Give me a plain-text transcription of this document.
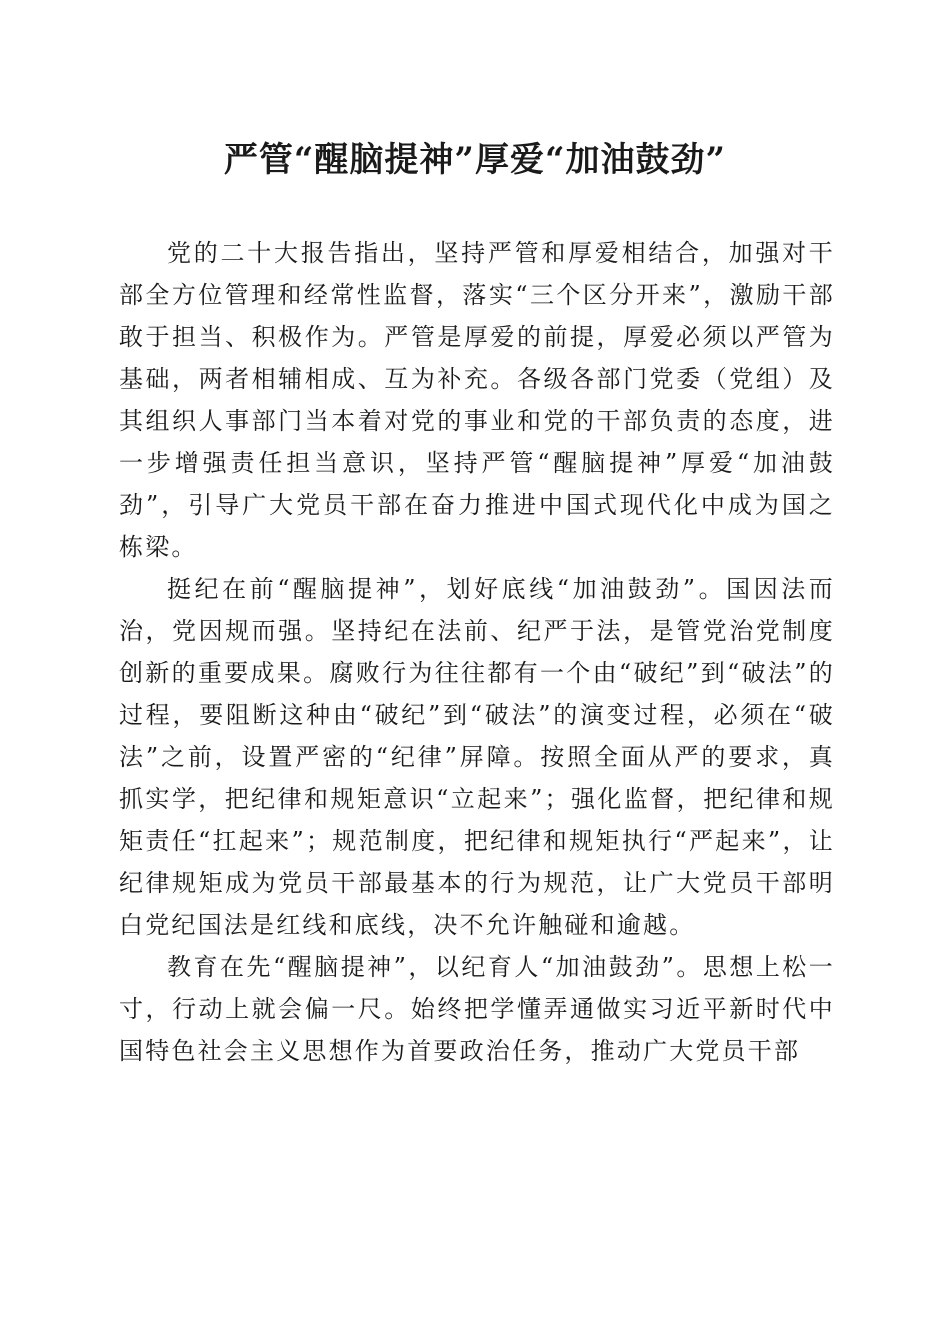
严管“醒脑提神”厚爱“加油鼓劲”

党的二十大报告指出，坚持严管和厚爱相结合，加强对干部全方位管理和经常性监督，落实“三个区分开来”，激励干部敢于担当、积极作为。严管是厚爱的前提，厚爱必须以严管为基础，两者相辅相成、互为补充。各级各部门党委（党组）及其组织人事部门当本着对党的事业和党的干部负责的态度，进一步增强责任担当意识，坚持严管“醒脑提神”厚爱“加油鼓劲”，引导广大党员干部在奋力推进中国式现代化中成为国之栋梁。

挺纪在前“醒脑提神”，划好底线“加油鼓劲”。国因法而治，党因规而强。坚持纪在法前、纪严于法，是管党治党制度创新的重要成果。腐败行为往往都有一个由“破纪”到“破法”的过程，要阻断这种由“破纪”到“破法”的演变过程，必须在“破法”之前，设置严密的“纪律”屏障。按照全面从严的要求，真抓实学，把纪律和规矩意识“立起来”；强化监督，把纪律和规矩责任“扛起来”；规范制度，把纪律和规矩执行“严起来”，让纪律规矩成为党员干部最基本的行为规范，让广大党员干部明白党纪国法是红线和底线，决不允许触碰和逾越。

教育在先“醒脑提神”，以纪育人“加油鼓劲”。思想上松一寸，行动上就会偏一尺。始终把学懂弄通做实习近平新时代中国特色社会主义思想作为首要政治任务，推动广大党员干部
